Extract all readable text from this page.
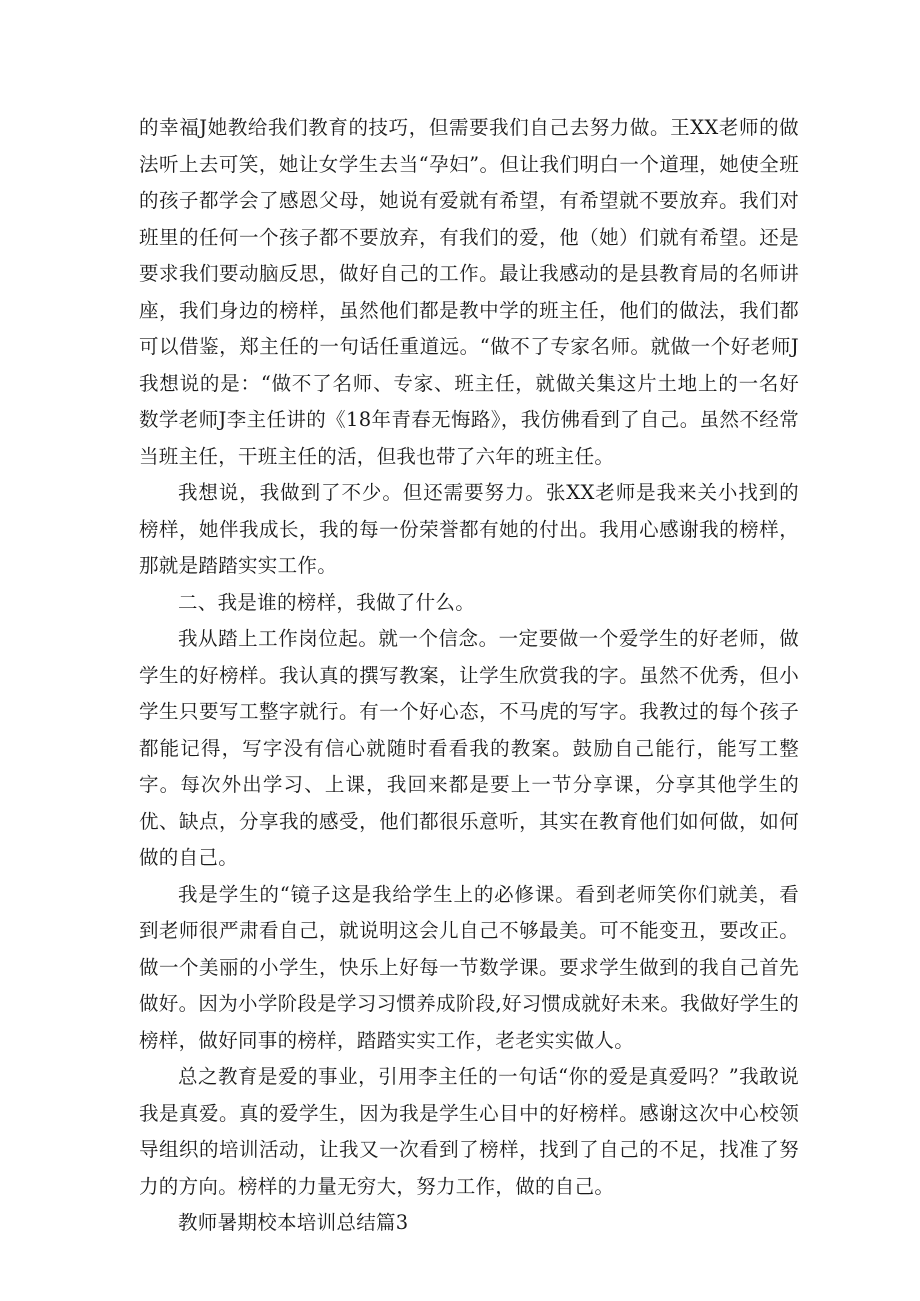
的幸福J她教给我们教育的技巧，但需要我们自己去努力做。王XX老师的做法听上去可笑，她让女学生去当“孕妇”。但让我们明白一个道理，她使全班的孩子都学会了感恩父母，她说有爱就有希望，有希望就不要放弃。我们对班里的任何一个孩子都不要放弃，有我们的爱，他（她）们就有希望。还是要求我们要动脑反思，做好自己的工作。最让我感动的是县教育局的名师讲座，我们身边的榜样，虽然他们都是教中学的班主任，他们的做法，我们都可以借鉴，郑主任的一句话任重道远。“做不了专家名师。就做一个好老师J我想说的是：“做不了名师、专家、班主任，就做关集这片土地上的一名好数学老师J李主任讲的《18年青春无悔路》，我仿佛看到了自己。虽然不经常当班主任，干班主任的活，但我也带了六年的班主任。

我想说，我做到了不少。但还需要努力。张XX老师是我来关小找到的榜样，她伴我成长，我的每一份荣誉都有她的付出。我用心感谢我的榜样，那就是踏踏实实工作。

二、我是谁的榜样，我做了什么。

我从踏上工作岗位起。就一个信念。一定要做一个爱学生的好老师，做学生的好榜样。我认真的撰写教案，让学生欣赏我的字。虽然不优秀，但小学生只要写工整字就行。有一个好心态，不马虎的写字。我教过的每个孩子都能记得，写字没有信心就随时看看我的教案。鼓励自己能行，能写工整字。每次外出学习、上课，我回来都是要上一节分享课，分享其他学生的优、缺点，分享我的感受，他们都很乐意听，其实在教育他们如何做，如何做的自己。

我是学生的“镜子这是我给学生上的必修课。看到老师笑你们就美，看到老师很严肃看自己，就说明这会儿自己不够最美。可不能变丑，要改正。做一个美丽的小学生，快乐上好每一节数学课。要求学生做到的我自己首先做好。因为小学阶段是学习习惯养成阶段,好习惯成就好未来。我做好学生的榜样，做好同事的榜样，踏踏实实工作，老老实实做人。

总之教育是爱的事业，引用李主任的一句话“你的爱是真爱吗？”我敢说我是真爱。真的爱学生，因为我是学生心目中的好榜样。感谢这次中心校领导组织的培训活动，让我又一次看到了榜样，找到了自己的不足，找准了努力的方向。榜样的力量无穷大，努力工作，做的自己。

教师暑期校本培训总结篇3
